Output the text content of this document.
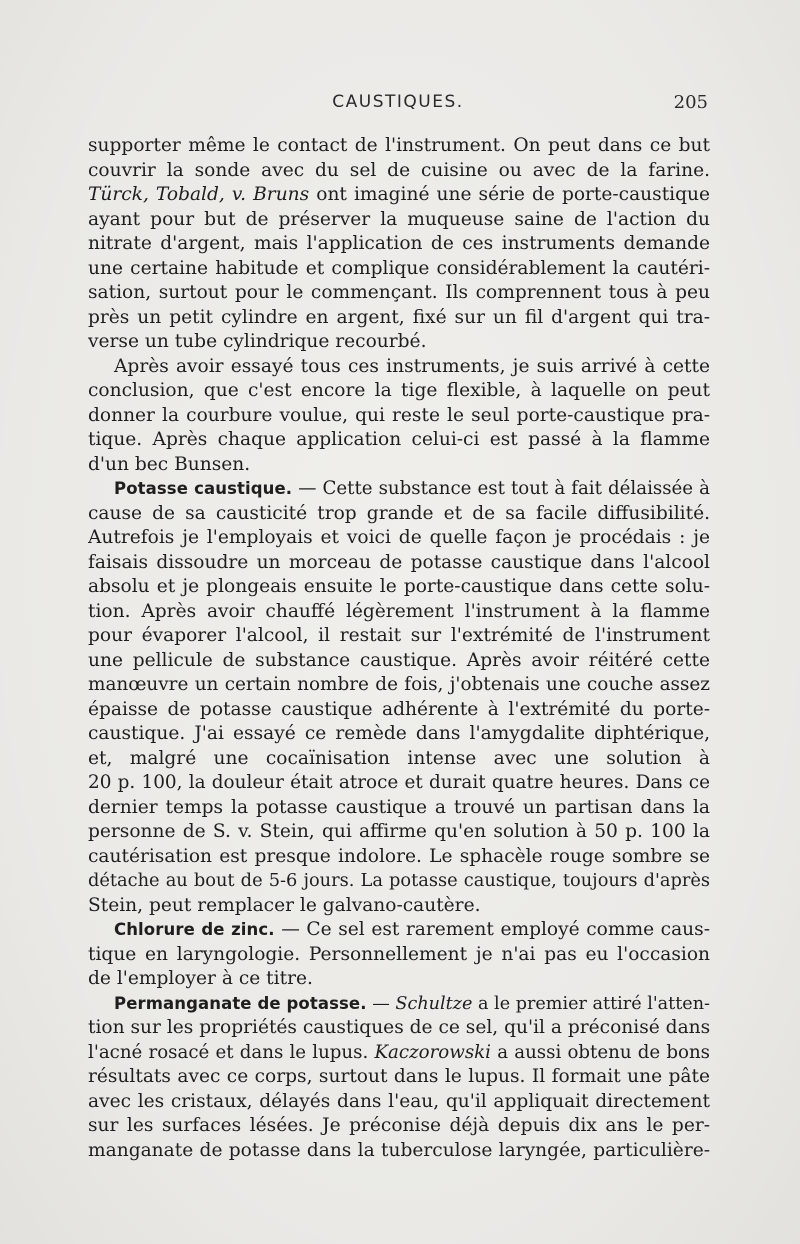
CAUSTIQUES.	205
supporter même le contact de l'instrument. On peut dans ce but
couvrir la sonde avec du sel de cuisine ou avec de la farine.
Türck, Tobald, v. Bruns ont imaginé une série de porte-caustique
ayant pour but de préserver la muqueuse saine de l'action du
nitrate d'argent, mais l'application de ces instruments demande
une certaine habitude et complique considérablement la cautéri-
sation, surtout pour le commençant. Ils comprennent tous à peu
près un petit cylindre en argent, fixé sur un fil d'argent qui tra-
verse un tube cylindrique recourbé.
Après avoir essayé tous ces instruments, je suis arrivé à cette
conclusion, que c'est encore la tige flexible, à laquelle on peut
donner la courbure voulue, qui reste le seul porte-caustique pra-
tique. Après chaque application celui-ci est passé à la flamme
d'un bec Bunsen.
Potasse caustique. — Cette substance est tout à fait délaissée à
cause de sa causticité trop grande et de sa facile diffusibilité.
Autrefois je l'employais et voici de quelle façon je procédais : je
faisais dissoudre un morceau de potasse caustique dans l'alcool
absolu et je plongeais ensuite le porte-caustique dans cette solu-
tion. Après avoir chauffé légèrement l'instrument à la flamme
pour évaporer l'alcool, il restait sur l'extrémité de l'instrument
une pellicule de substance caustique. Après avoir réitéré cette
manœuvre un certain nombre de fois, j'obtenais une couche assez
épaisse de potasse caustique adhérente à l'extrémité du porte-
caustique. J'ai essayé ce remède dans l'amygdalite diphtérique,
et, malgré une cocaïnisation intense avec une solution à
20 p. 100, la douleur était atroce et durait quatre heures. Dans ce
dernier temps la potasse caustique a trouvé un partisan dans la
personne de S. v. Stein, qui affirme qu'en solution à 50 p. 100 la
cautérisation est presque indolore. Le sphacèle rouge sombre se
détache au bout de 5-6 jours. La potasse caustique, toujours d'après
Stein, peut remplacer le galvano-cautère.
Chlorure de zinc. — Ce sel est rarement employé comme caus-
tique en laryngologie. Personnellement je n'ai pas eu l'occasion
de l'employer à ce titre.
Permanganate de potasse. — Schultze a le premier attiré l'atten-
tion sur les propriétés caustiques de ce sel, qu'il a préconisé dans
l'acné rosacé et dans le lupus. Kaczorowski a aussi obtenu de bons
résultats avec ce corps, surtout dans le lupus. Il formait une pâte
avec les cristaux, délayés dans l'eau, qu'il appliquait directement
sur les surfaces lésées. Je préconise déjà depuis dix ans le per-
manganate de potasse dans la tuberculose laryngée, particulière-
